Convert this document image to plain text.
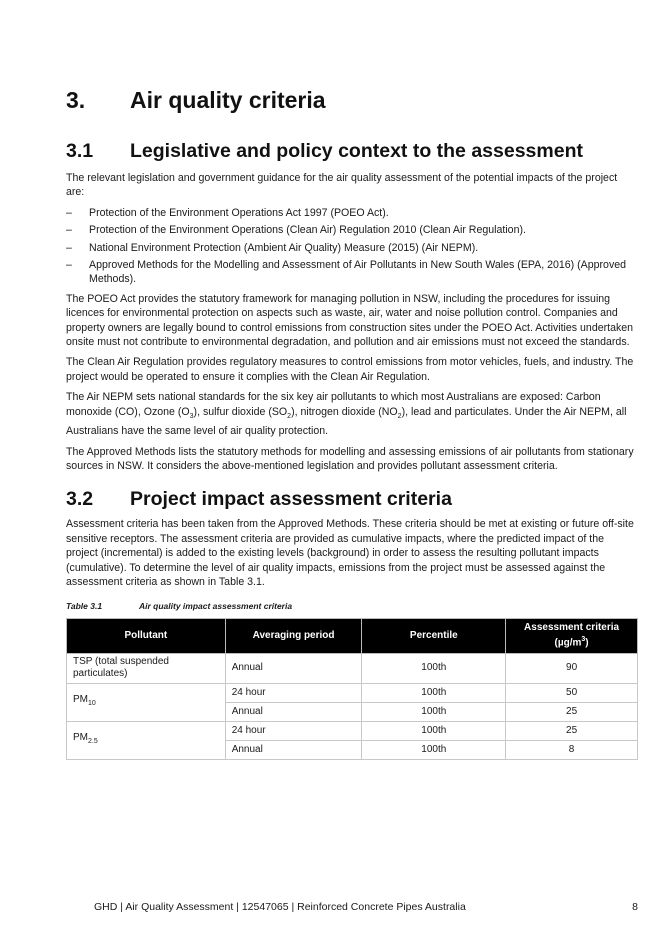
3.	Air quality criteria
3.1	Legislative and policy context to the assessment

The relevant legislation and government guidance for the air quality assessment of the potential impacts of the project are:

–	Protection of the Environment Operations Act 1997 (POEO Act).
–	Protection of the Environment Operations (Clean Air) Regulation 2010 (Clean Air Regulation).
–	National Environment Protection (Ambient Air Quality) Measure (2015) (Air NEPM).
–	Approved Methods for the Modelling and Assessment of Air Pollutants in New South Wales (EPA, 2016) (Approved Methods).

The POEO Act provides the statutory framework for managing pollution in NSW, including the procedures for issuing licences for environmental protection on aspects such as waste, air, water and noise pollution control. Companies and property owners are legally bound to control emissions from construction sites under the POEO Act. Activities undertaken onsite must not contribute to environmental degradation, and pollution and air emissions must not exceed the standards.

The Clean Air Regulation provides regulatory measures to control emissions from motor vehicles, fuels, and industry. The project would be operated to ensure it complies with the Clean Air Regulation.

The Air NEPM sets national standards for the six key air pollutants to which most Australians are exposed: Carbon monoxide (CO), Ozone $(O_3)$, sulfur dioxide $(SO_2)$, nitrogen dioxide $(NO_2)$, lead and particulates. Under the Air NEPM, all Australians have the same level of air quality protection.

The Approved Methods lists the statutory methods for modelling and assessing emissions of air pollutants from stationary sources in NSW. It considers the above-mentioned legislation and provides pollutant assessment criteria.

3.2	Project impact assessment criteria

Assessment criteria has been taken from the Approved Methods. These criteria should be met at existing or future off-site sensitive receptors. The assessment criteria are provided as cumulative impacts, where the predicted impact of the project (incremental) is added to the existing levels (background) in order to assess the resulting pollutant impacts (cumulative). To determine the level of air quality impacts, emissions from the project must be assessed against the assessment criteria as shown in Table 3.1.

Table 3.1	Air quality impact assessment criteria
Pollutant	Averaging period	Percentile	Assessment criteria
$(\mu g/m^3)$
TSP (total suspended particulates)	Annual	100th	90
$PM_{10}$	24 hour	100th	50
	Annual	100th	25
$PM_{2.5}$	24 hour	100th	25
	Annual	100th	8
GHD | Air Quality Assessment | 12547065 | Reinforced Concrete Pipes Australia	8
